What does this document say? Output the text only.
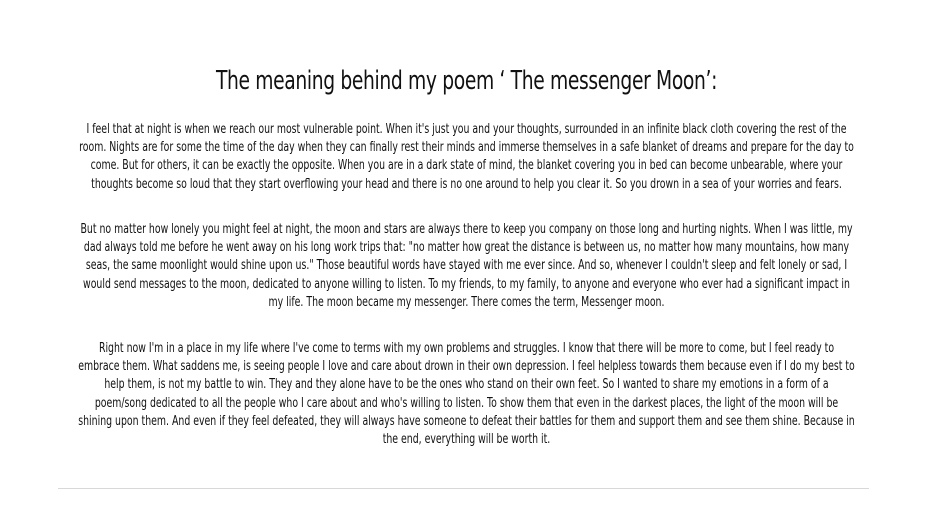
The meaning behind my poem ‘ The messenger Moon’:
I feel that at night is when we reach our most vulnerable point. When it's just you and your thoughts, surrounded in an infinite black cloth covering the rest of the room. Nights are for some the time of the day when they can finally rest their minds and immerse themselves in a safe blanket of dreams and prepare for the day to come. But for others, it can be exactly the opposite. When you are in a dark state of mind, the blanket covering you in bed can become unbearable, where your thoughts become so loud that they start overflowing your head and there is no one around to help you clear it. So you drown in a sea of your worries and fears.
But no matter how lonely you might feel at night, the moon and stars are always there to keep you company on those long and hurting nights. When I was little, my dad always told me before he went away on his long work trips that: "no matter how great the distance is between us, no matter how many mountains, how many seas, the same moonlight would shine upon us." Those beautiful words have stayed with me ever since. And so, whenever I couldn't sleep and felt lonely or sad, I would send messages to the moon, dedicated to anyone willing to listen. To my friends, to my family, to anyone and everyone who ever had a significant impact in my life. The moon became my messenger. There comes the term, Messenger moon.
Right now I'm in a place in my life where I've come to terms with my own problems and struggles. I know that there will be more to come, but I feel ready to embrace them. What saddens me, is seeing people I love and care about drown in their own depression. I feel helpless towards them because even if I do my best to help them, is not my battle to win. They and they alone have to be the ones who stand on their own feet. So I wanted to share my emotions in a form of a poem/song dedicated to all the people who I care about and who's willing to listen. To show them that even in the darkest places, the light of the moon will be shining upon them. And even if they feel defeated, they will always have someone to defeat their battles for them and support them and see them shine. Because in the end, everything will be worth it.
